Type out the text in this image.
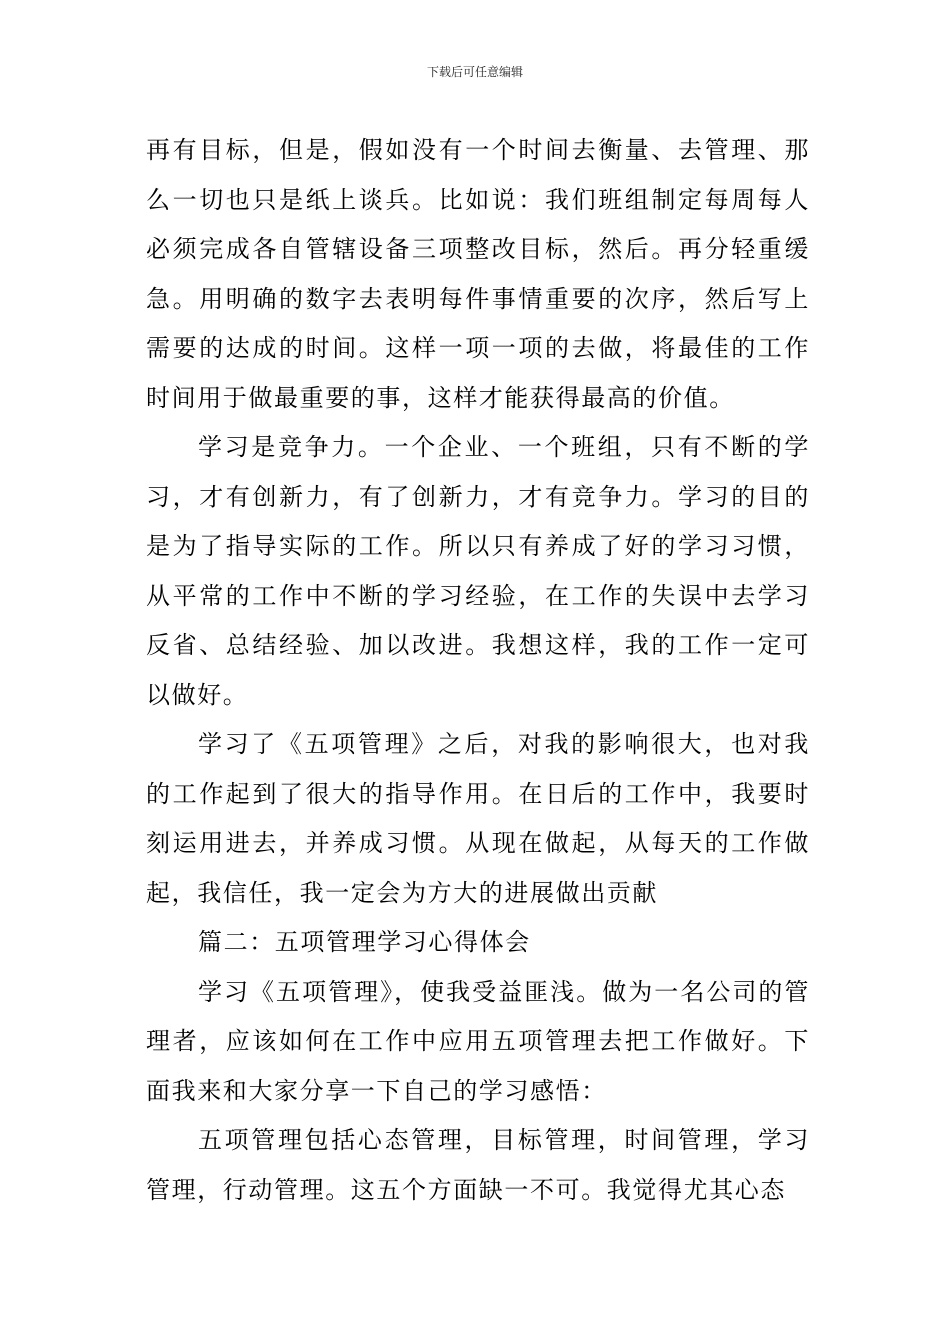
下载后可任意编辑

再有目标，但是，假如没有一个时间去衡量、去管理、那么一切也只是纸上谈兵。比如说：我们班组制定每周每人必须完成各自管辖设备三项整改目标，然后。再分轻重缓急。用明确的数字去表明每件事情重要的次序，然后写上需要的达成的时间。这样一项一项的去做，将最佳的工作时间用于做最重要的事，这样才能获得最高的价值。

学习是竞争力。一个企业、一个班组，只有不断的学习，才有创新力，有了创新力，才有竞争力。学习的目的是为了指导实际的工作。所以只有养成了好的学习习惯，从平常的工作中不断的学习经验，在工作的失误中去学习反省、总结经验、加以改进。我想这样，我的工作一定可以做好。

学习了《五项管理》之后，对我的影响很大，也对我的工作起到了很大的指导作用。在日后的工作中，我要时刻运用进去，并养成习惯。从现在做起，从每天的工作做起，我信任，我一定会为方大的进展做出贡献

篇二：五项管理学习心得体会

学习《五项管理》，使我受益匪浅。做为一名公司的管理者，应该如何在工作中应用五项管理去把工作做好。下面我来和大家分享一下自己的学习感悟：

五项管理包括心态管理，目标管理，时间管理，学习管理，行动管理。这五个方面缺一不可。我觉得尤其心态
